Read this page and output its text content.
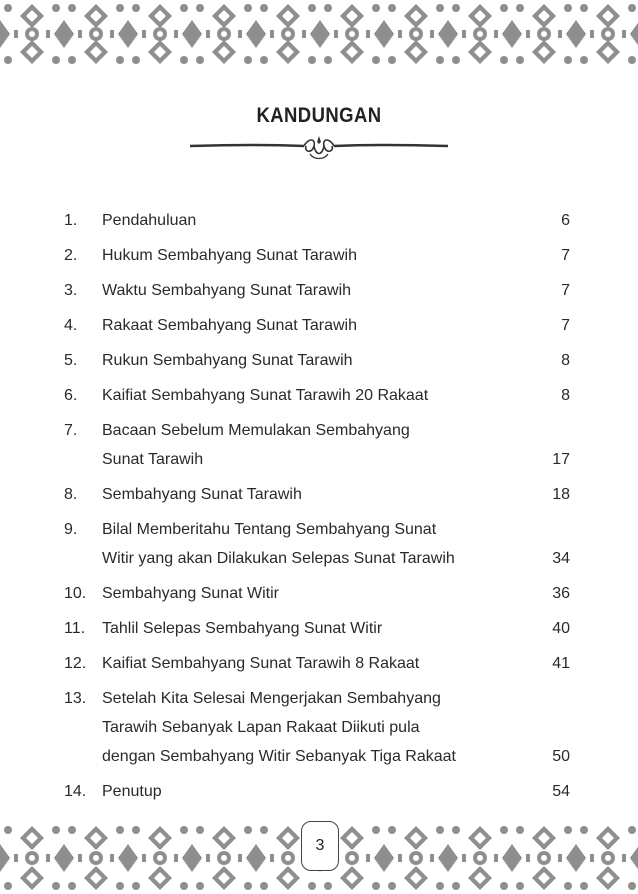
KANDUNGAN
1.	Pendahuluan	6
2.	Hukum Sembahyang Sunat Tarawih	7
3.	Waktu Sembahyang Sunat Tarawih	7
4.	Rakaat Sembahyang Sunat Tarawih	7
5.	Rukun Sembahyang Sunat Tarawih	8
6.	Kaifiat Sembahyang Sunat Tarawih 20 Rakaat	8
7.	Bacaan Sebelum Memulakan Sembahyang
Sunat Tarawih	17
8.	Sembahyang Sunat Tarawih	18
9.	Bilal Memberitahu Tentang Sembahyang Sunat
Witir yang akan Dilakukan Selepas Sunat Tarawih	34
10. Sembahyang Sunat Witir	36
11.	Tahlil Selepas Sembahyang Sunat Witir	40
12. Kaifiat Sembahyang Sunat Tarawih 8 Rakaat	41
13. Setelah Kita Selesai Mengerjakan Sembahyang
Tarawih Sebanyak Lapan Rakaat Diikuti pula
dengan Sembahyang Witir Sebanyak Tiga Rakaat	50
14. Penutup	54
3
